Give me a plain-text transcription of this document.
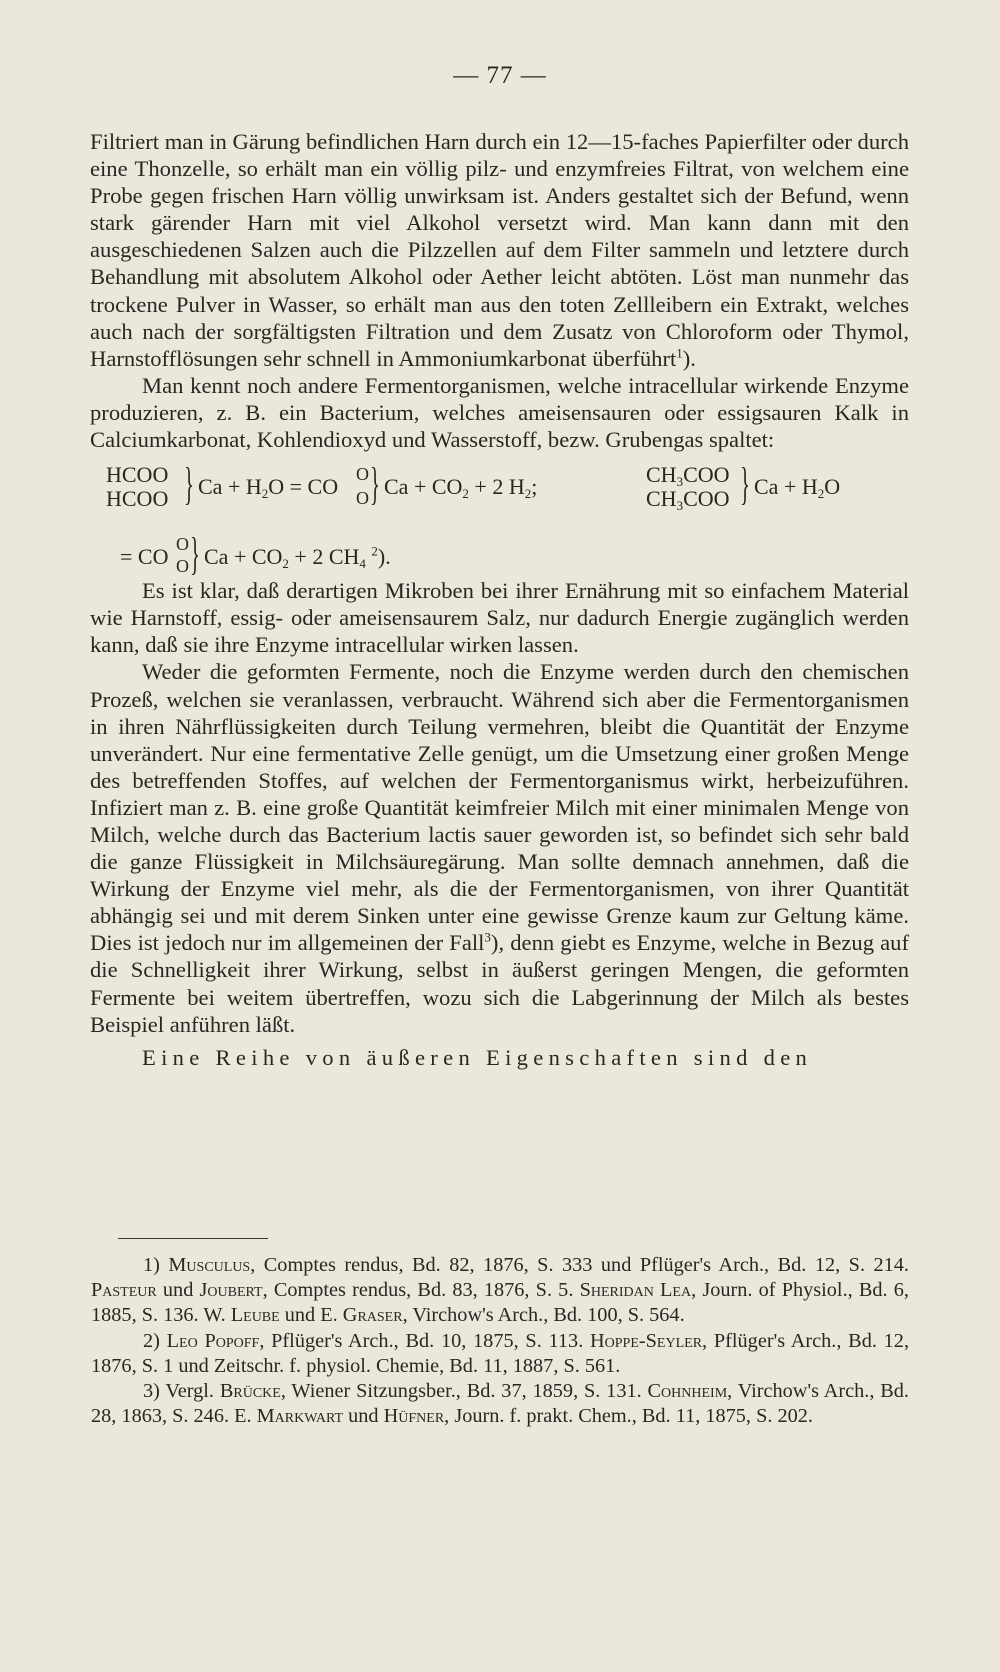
— 77 —

Filtriert man in Gärung befindlichen Harn durch ein 12—15-faches Papierfilter oder durch eine Thonzelle, so erhält man ein völlig pilz- und enzymfreies Filtrat, von welchem eine Probe gegen frischen Harn völlig unwirksam ist. Anders gestaltet sich der Befund, wenn stark gärender Harn mit viel Alkohol versetzt wird. Man kann dann mit den ausgeschiedenen Salzen auch die Pilzzellen auf dem Filter sammeln und letztere durch Behandlung mit absolutem Alkohol oder Aether leicht abtöten. Löst man nunmehr das trockene Pulver in Wasser, so erhält man aus den toten Zellleibern ein Extrakt, welches auch nach der sorgfältigsten Filtration und dem Zusatz von Chloroform oder Thymol, Harnstofflösungen sehr schnell in Ammoniumkarbonat überführt$^1$).

Man kennt noch andere Fermentorganismen, welche intracellular wirkende Enzyme produzieren, z. B. ein Bacterium, welches ameisensauren oder essigsauren Kalk in Calciumkarbonat, Kohlendioxyd und Wasserstoff, bezw. Grubengas spaltet:

HCOO
HCOO } $Ca + H_2O$ = CO O
O } $Ca + CO_2 + 2$ $H_2$;	$CH_3COO$
$CH_3COO$ } $Ca + H_2O$
= CO O
O } $Ca + CO_2 + 2$ $CH_4$ $^2$).

Es ist klar, daß derartigen Mikroben bei ihrer Ernährung mit so einfachem Material wie Harnstoff, essig- oder ameisensaurem Salz, nur dadurch Energie zugänglich werden kann, daß sie ihre Enzyme intracellular wirken lassen.

Weder die geformten Fermente, noch die Enzyme werden durch den chemischen Prozeß, welchen sie veranlassen, verbraucht. Während sich aber die Fermentorganismen in ihren Nährflüssigkeiten durch Teilung vermehren, bleibt die Quantität der Enzyme unverändert. Nur eine fermentative Zelle genügt, um die Umsetzung einer großen Menge des betreffenden Stoffes, auf welchen der Fermentorganismus wirkt, herbeizuführen. Infiziert man z. B. eine große Quantität keimfreier Milch mit einer minimalen Menge von Milch, welche durch das Bacterium lactis sauer geworden ist, so befindet sich sehr bald die ganze Flüssigkeit in Milchsäuregärung. Man sollte demnach annehmen, daß die Wirkung der Enzyme viel mehr, als die der Fermentorganismen, von ihrer Quantität abhängig sei und mit derem Sinken unter eine gewisse Grenze kaum zur Geltung käme. Dies ist jedoch nur im allgemeinen der Fall$^3$), denn giebt es Enzyme, welche in Bezug auf die Schnelligkeit ihrer Wirkung, selbst in äußerst geringen Mengen, die geformten Fermente bei weitem übertreffen, wozu sich die Labgerinnung der Milch als bestes Beispiel anführen läßt.

Eine Reihe von äußeren Eigenschaften sind den

1) Musculus, Comptes rendus, Bd. 82, 1876, S. 333 und Pflüger's Arch., Bd. 12, S. 214. Pasteur und Joubert, Comptes rendus, Bd. 83, 1876, S. 5. Sheridan Lea, Journ. of Physiol., Bd. 6, 1885, S. 136. W. Leube und E. Graser, Virchow's Arch., Bd. 100, S. 564.

2) Leo Popoff, Pflüger's Arch., Bd. 10, 1875, S. 113. Hoppe-Seyler, Pflüger's Arch., Bd. 12, 1876, S. 1 und Zeitschr. f. physiol. Chemie, Bd. 11, 1887, S. 561.

3) Vergl. Brücke, Wiener Sitzungsber., Bd. 37, 1859, S. 131. Cohnheim, Virchow's Arch., Bd. 28, 1863, S. 246. E. Markwart und Hüfner, Journ. f. prakt. Chem., Bd. 11, 1875, S. 202.
